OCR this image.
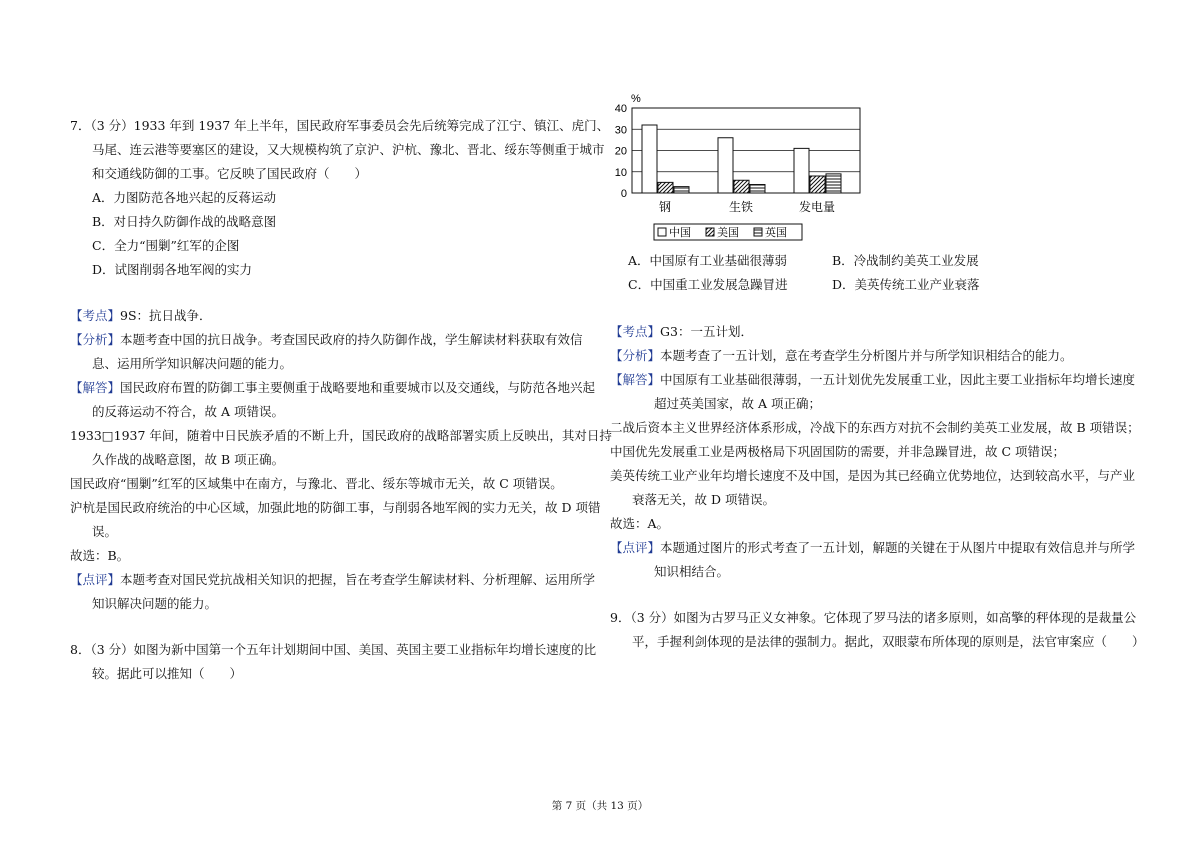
7．（3 分）1933 年到 1937 年上半年，国民政府军事委员会先后统筹完成了江宁、镇江、虎门、
马尾、连云港等要塞区的建设，又大规模构筑了京沪、沪杭、豫北、晋北、绥东等侧重于城市
和交通线防御的工事。它反映了国民政府（　　）
A．力图防范各地兴起的反蒋运动
B．对日持久防御作战的战略意图
C．全力“围剿”红军的企图
D．试图削弱各地军阀的实力
【考点】9S：抗日战争．
【分析】本题考查中国的抗日战争。考查国民政府的持久防御作战，学生解读材料获取有效信
息、运用所学知识解决问题的能力。
【解答】国民政府布置的防御工事主要侧重于战略要地和重要城市以及交通线，与防范各地兴起
的反蒋运动不符合，故 A 项错误。
1933□1937 年间，随着中日民族矛盾的不断上升，国民政府的战略部署实质上反映出，其对日持
久作战的战略意图，故 B 项正确。
国民政府“围剿”红军的区域集中在南方，与豫北、晋北、绥东等城市无关，故 C 项错误。
沪杭是国民政府统治的中心区域，加强此地的防御工事，与削弱各地军阀的实力无关，故 D 项错
误。
故选：B。
【点评】本题考查对国民党抗战相关知识的把握，旨在考查学生解读材料、分析理解、运用所学
知识解决问题的能力。
8．（3 分）如图为新中国第一个五年计划期间中国、美国、英国主要工业指标年均增长速度的比
较。据此可以推知（　　）
%
0
10
20
30
40
钢	生铁	发电量
中国 美国 英国
A．中国原有工业基础很薄弱	B．冷战制约美英工业发展
C．中国重工业发展急躁冒进	D．美英传统工业产业衰落
【考点】G3：一五计划．
【分析】本题考查了一五计划，意在考查学生分析图片并与所学知识相结合的能力。
【解答】中国原有工业基础很薄弱，一五计划优先发展重工业，因此主要工业指标年均增长速度
超过英美国家，故 A 项正确；
二战后资本主义世界经济体系形成，冷战下的东西方对抗不会制约美英工业发展，故 B 项错误；
中国优先发展重工业是两极格局下巩固国防的需要，并非急躁冒进，故 C 项错误；
美英传统工业产业年均增长速度不及中国，是因为其已经确立优势地位，达到较高水平，与产业
衰落无关，故 D 项错误。
故选：A。
【点评】本题通过图片的形式考查了一五计划，解题的关键在于从图片中提取有效信息并与所学
知识相结合。
9．（3 分）如图为古罗马正义女神象。它体现了罗马法的诸多原则，如高擎的秤体现的是裁量公
平，手握利剑体现的是法律的强制力。据此，双眼蒙布所体现的原则是，法官审案应（　　）
第 7 页（共 13 页）
